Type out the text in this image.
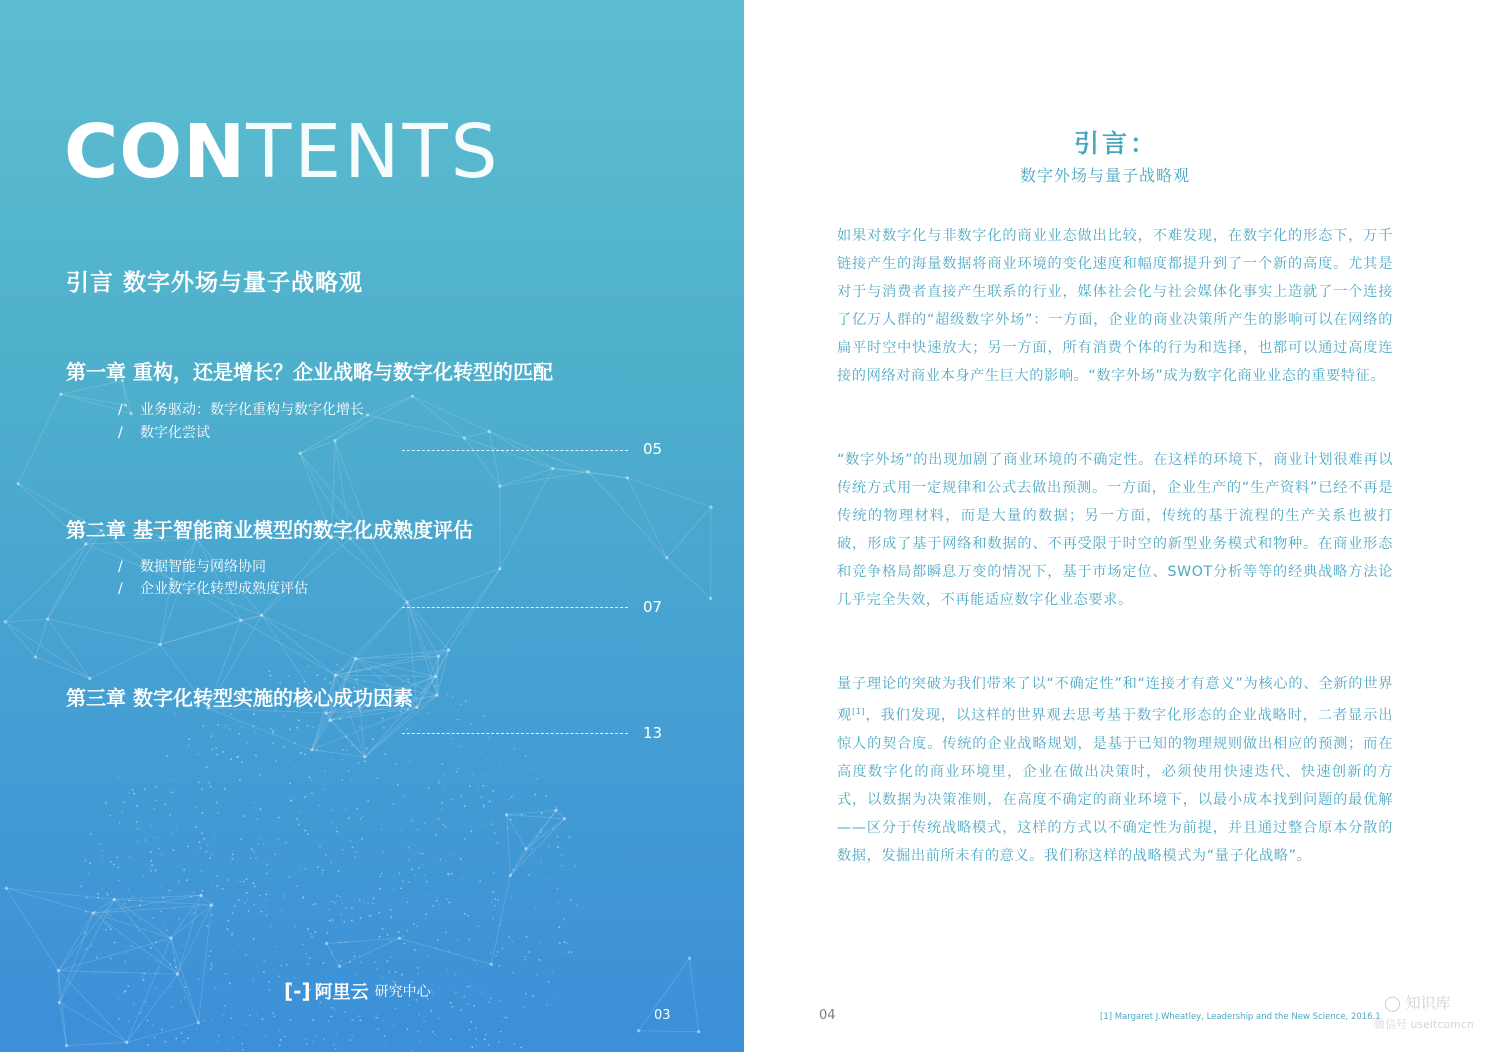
CONTENTS
引言 数字外场与量子战略观
第一章 重构，还是增长？企业战略与数字化转型的匹配
/ 业务驱动：数字化重构与数字化增长
/ 数字化尝试
05
第二章 基于智能商业模型的数字化成熟度评估
/ 数据智能与网络协同
/ 企业数字化转型成熟度评估
07
第三章 数字化转型实施的核心成功因素
13
[-] 阿里云 研究中心
03
引言：
数字外场与量子战略观
如果对数字化与非数字化的商业业态做出比较，不难发现，在数字化的形态下，万千链接产生的海量数据将商业环境的变化速度和幅度都提升到了一个新的高度。尤其是对于与消费者直接产生联系的行业，媒体社会化与社会媒体化事实上造就了一个连接了亿万人群的“超级数字外场”：一方面，企业的商业决策所产生的影响可以在网络的扁平时空中快速放大；另一方面，所有消费个体的行为和选择，也都可以通过高度连接的网络对商业本身产生巨大的影响。“数字外场”成为数字化商业业态的重要特征。
“数字外场”的出现加剧了商业环境的不确定性。在这样的环境下，商业计划很难再以传统方式用一定规律和公式去做出预测。一方面，企业生产的“生产资料”已经不再是传统的物理材料，而是大量的数据；另一方面，传统的基于流程的生产关系也被打破，形成了基于网络和数据的、不再受限于时空的新型业务模式和物种。在商业形态和竞争格局都瞬息万变的情况下，基于市场定位、SWOT分析等等的经典战略方法论几乎完全失效，不再能适应数字化业态要求。
量子理论的突破为我们带来了以“不确定性”和“连接才有意义”为核心的、全新的世界观[1]，我们发现，以这样的世界观去思考基于数字化形态的企业战略时，二者显示出惊人的契合度。传统的企业战略规划，是基于已知的物理规则做出相应的预测；而在高度数字化的商业环境里，企业在做出决策时，必须使用快速迭代、快速创新的方式，以数据为决策准则，在高度不确定的商业环境下，以最小成本找到问题的最优解——区分于传统战略模式，这样的方式以不确定性为前提，并且通过整合原本分散的数据，发掘出前所未有的意义。我们称这样的战略模式为“量子化战略”。
04	[1] Margaret J.Wheatley, Leadership and the New Science, 2016.1
◯ 知识库
微信号 useitcomcn
